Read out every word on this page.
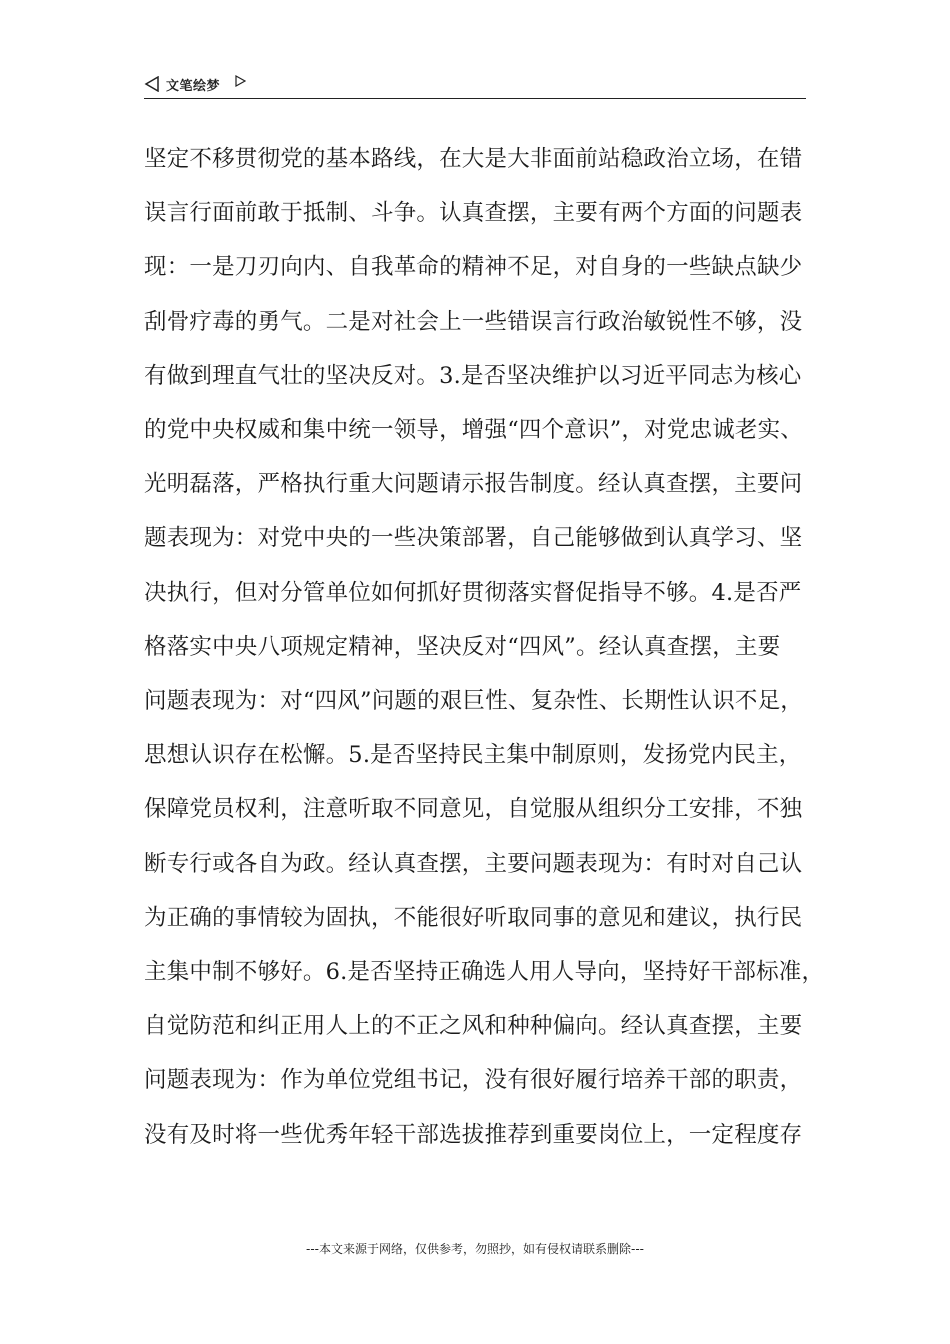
文笔绘梦
坚定不移贯彻党的基本路线，在大是大非面前站稳政治立场，在错
误言行面前敢于抵制、斗争。认真查摆，主要有两个方面的问题表
现：一是刀刃向内、自我革命的精神不足，对自身的一些缺点缺少
刮骨疗毒的勇气。二是对社会上一些错误言行政治敏锐性不够，没
有做到理直气壮的坚决反对。3.是否坚决维护以习近平同志为核心
的党中央权威和集中统一领导，增强“四个意识”，对党忠诚老实、
光明磊落，严格执行重大问题请示报告制度。经认真查摆，主要问
题表现为：对党中央的一些决策部署，自己能够做到认真学习、坚
决执行，但对分管单位如何抓好贯彻落实督促指导不够。4.是否严
格落实中央八项规定精神，坚决反对“四风”。经认真查摆，主要
问题表现为：对“四风”问题的艰巨性、复杂性、长期性认识不足，
思想认识存在松懈。5.是否坚持民主集中制原则，发扬党内民主，
保障党员权利，注意听取不同意见，自觉服从组织分工安排，不独
断专行或各自为政。经认真查摆，主要问题表现为：有时对自己认
为正确的事情较为固执，不能很好听取同事的意见和建议，执行民
主集中制不够好。6.是否坚持正确选人用人导向，坚持好干部标准，
自觉防范和纠正用人上的不正之风和种种偏向。经认真查摆，主要
问题表现为：作为单位党组书记，没有很好履行培养干部的职责，
没有及时将一些优秀年轻干部选拔推荐到重要岗位上，一定程度存
---本文来源于网络，仅供参考，勿照抄，如有侵权请联系删除---
